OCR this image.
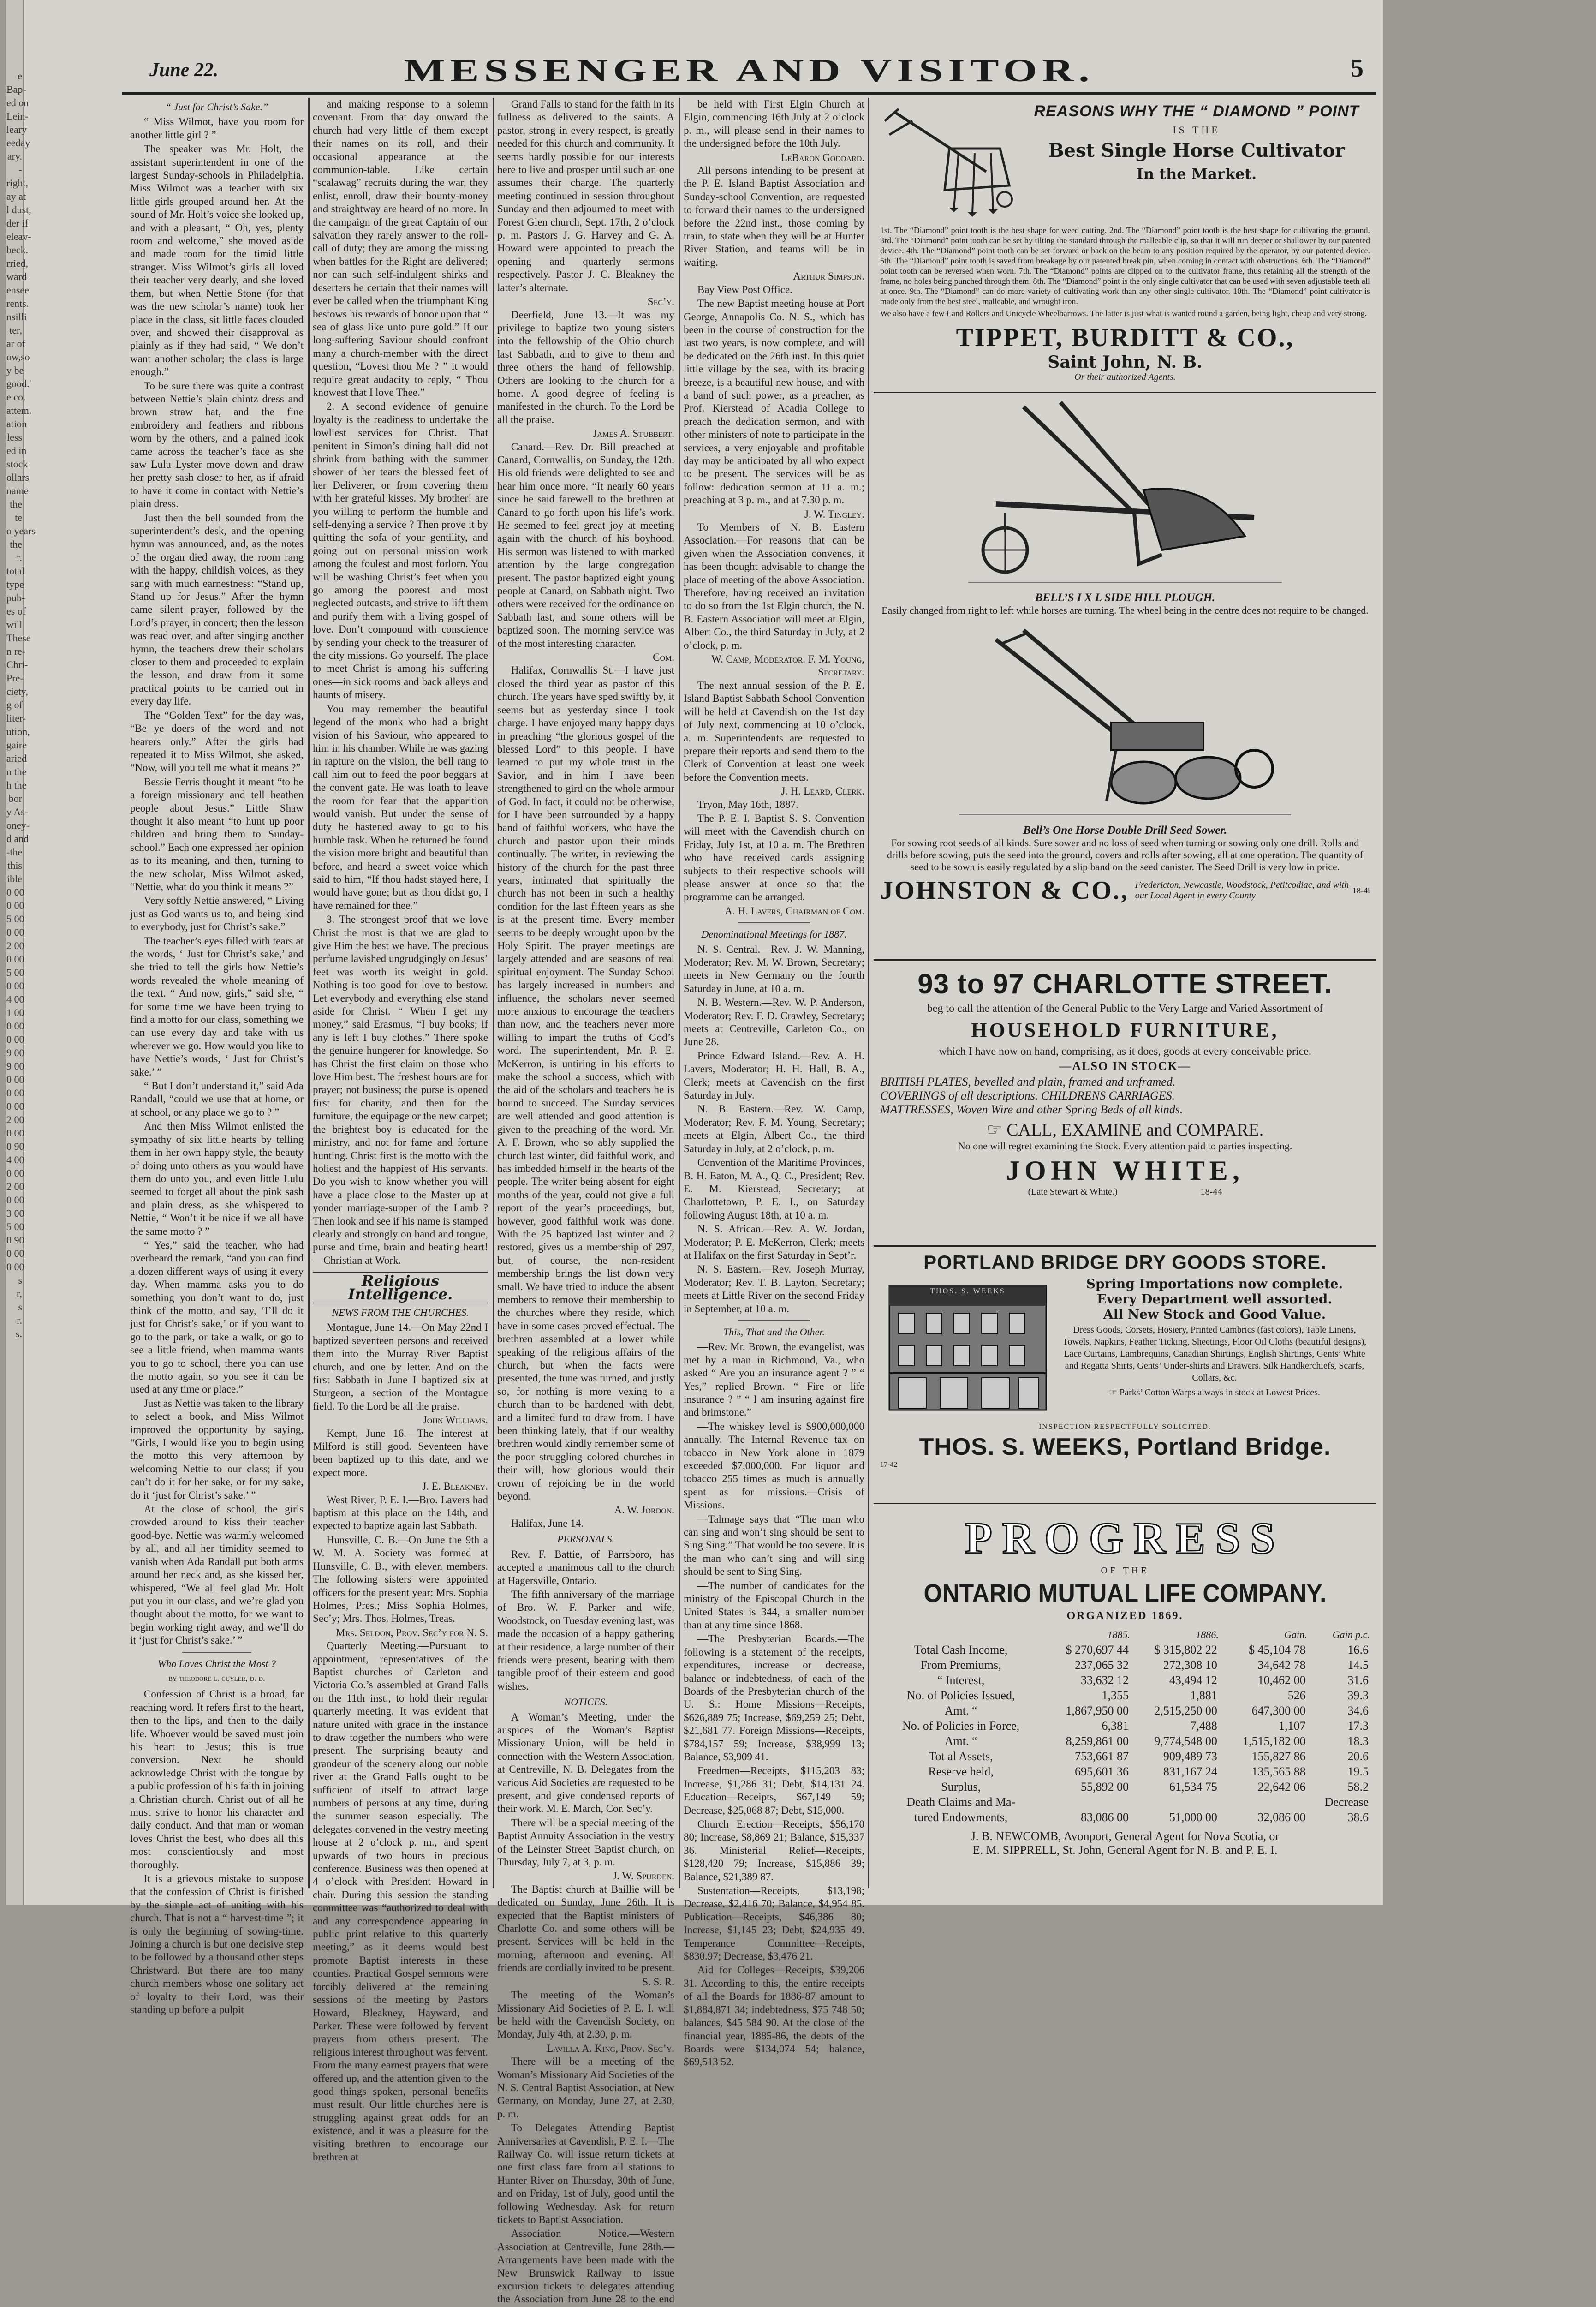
e
Bap-
ed on
Lein-
leary
eeday
ary.
-
right,
ay at
l dust,
der if
eleav-
beck.
rried,
ward
ensee
rents.
nsilli
ter,
ar of
ow,so
y be
good.'
e co.
attem.
ation
less
ed in
stock
ollars
name
the
te
o years
the
r.
total
type
pub-
es of
will
These
n re-
Chri-
Pre-
ciety,
g of
liter-
ution,
gaire
aried
n the
h the
bor
y As-
oney-
d and
-the
this
ible
0 00
0 00
5 00
0 00
2 00
0 00
5 00
0 00
4 00
1 00
0 00
0 00
9 00
9 00
0 00
0 00
0 00
2 00
0 00
0 90
4 00
0 00
2 00
0 00
3 00
5 00
0 90
0 00
0 00
s
r,
s
r.
s.
June 22.	MESSENGER AND VISITOR.	5
“ Just for Christ’s Sake.”

“ Miss Wilmot, have you room for another little girl ? ”

The speaker was Mr. Holt, the assistant superintendent in one of the largest Sunday-schools in Philadelphia. Miss Wilmot was a teacher with six little girls grouped around her. At the sound of Mr. Holt’s voice she looked up, and with a pleasant, “ Oh, yes, plenty room and welcome,” she moved aside and made room for the timid little stranger. Miss Wilmot’s girls all loved their teacher very dearly, and she loved them, but when Nettie Stone (for that was the new scholar’s name) took her place in the class, sit little faces clouded over, and showed their disapproval as plainly as if they had said, “ We don’t want another scholar; the class is large enough.”

To be sure there was quite a contrast between Nettie’s plain chintz dress and brown straw hat, and the fine embroidery and feathers and ribbons worn by the others, and a pained look came across the teacher’s face as she saw Lulu Lyster move down and draw her pretty sash closer to her, as if afraid to have it come in contact with Nettie’s plain dress.

Just then the bell sounded from the superintendent’s desk, and the opening hymn was announced, and, as the notes of the organ died away, the room rang with the happy, childish voices, as they sang with much earnestness: “Stand up, Stand up for Jesus.” After the hymn came silent prayer, followed by the Lord’s prayer, in concert; then the lesson was read over, and after singing another hymn, the teachers drew their scholars closer to them and proceeded to explain the lesson, and draw from it some practical points to be carried out in every day life.

The “Golden Text” for the day was, “Be ye doers of the word and not hearers only.” After the girls had repeated it to Miss Wilmot, she asked, “Now, will you tell me what it means ?”

Bessie Ferris thought it meant “to be a foreign missionary and tell heathen people about Jesus.” Little Shaw thought it also meant “to hunt up poor children and bring them to Sunday-school.” Each one expressed her opinion as to its meaning, and then, turning to the new scholar, Miss Wilmot asked, “Nettie, what do you think it means ?”

Very softly Nettie answered, “ Living just as God wants us to, and being kind to everybody, just for Christ’s sake.”

The teacher’s eyes filled with tears at the words, ‘ Just for Christ’s sake,’ and she tried to tell the girls how Nettie’s words revealed the whole meaning of the text. “ And now, girls,” said she, “ for some time we have been trying to find a motto for our class, something we can use every day and take with us wherever we go. How would you like to have Nettie’s words, ‘ Just for Christ’s sake.’ ”

“ But I don’t understand it,” said Ada Randall, “could we use that at home, or at school, or any place we go to ? ”

And then Miss Wilmot enlisted the sympathy of six little hearts by telling them in her own happy style, the beauty of doing unto others as you would have them do unto you, and even little Lulu seemed to forget all about the pink sash and plain dress, as she whispered to Nettie, “ Won’t it be nice if we all have the same motto ? ”

“ Yes,” said the teacher, who had overheard the remark, “and you can find a dozen different ways of using it every day. When mamma asks you to do something you don’t want to do, just think of the motto, and say, ‘I’ll do it just for Christ’s sake,’ or if you want to go to the park, or take a walk, or go to see a little friend, when mamma wants you to go to school, there you can use the motto again, so you see it can be used at any time or place.”

Just as Nettie was taken to the library to select a book, and Miss Wilmot improved the opportunity by saying, “Girls, I would like you to begin using the motto this very afternoon by welcoming Nettie to our class; if you can’t do it for her sake, or for my sake, do it ‘just for Christ’s sake.’ ”

At the close of school, the girls crowded around to kiss their teacher good-bye. Nettie was warmly welcomed by all, and all her timidity seemed to vanish when Ada Randall put both arms around her neck and, as she kissed her, whispered, “We all feel glad Mr. Holt put you in our class, and we’re glad you thought about the motto, for we want to begin working right away, and we’ll do it ‘just for Christ’s sake.’ ”

Who Loves Christ the Most ?
by theodore l. cuyler, d. d.

Confession of Christ is a broad, far reaching word. It refers first to the heart, then to the lips, and then to the daily life. Whoever would be saved must join his heart to Jesus; this is true conversion. Next he should acknowledge Christ with the tongue by a public profession of his faith in joining a Christian church. Christ out of all he must strive to honor his character and daily conduct. And that man or woman loves Christ the best, who does all this most conscientiously and most thoroughly.

It is a grievous mistake to suppose that the confession of Christ is finished by the simple act of uniting with his church. That is not a “ harvest-time ”; it is only the beginning of sowing-time. Joining a church is but one decisive step to be followed by a thousand other steps Christward. But there are too many church members whose one solitary act of loyalty to their Lord, was their standing up before a pulpit

and making response to a solemn covenant. From that day onward the church had very little of them except their names on its roll, and their occasional appearance at the communion-table. Like certain “scalawag” recruits during the war, they enlist, enroll, draw their bounty-money and straightway are heard of no more. In the campaign of the great Captain of our salvation they rarely answer to the roll-call of duty; they are among the missing when battles for the Right are delivered; nor can such self-indulgent shirks and deserters be certain that their names will ever be called when the triumphant King bestows his rewards of honor upon that “ sea of glass like unto pure gold.” If our long-suffering Saviour should confront many a church-member with the direct question, “Lovest thou Me ? ” it would require great audacity to reply, “ Thou knowest that I love Thee.”

2. A second evidence of genuine loyalty is the readiness to undertake the lowliest services for Christ. That penitent in Simon’s dining hall did not shrink from bathing with the summer shower of her tears the blessed feet of her Deliverer, or from covering them with her grateful kisses. My brother! are you willing to perform the humble and self-denying a service ? Then prove it by quitting the sofa of your gentility, and going out on personal mission work among the foulest and most forlorn. You will be washing Christ’s feet when you go among the poorest and most neglected outcasts, and strive to lift them and purify them with a living gospel of love. Don’t compound with conscience by sending your check to the treasurer of the city missions. Go yourself. The place to meet Christ is among his suffering ones—in sick rooms and back alleys and haunts of misery.

You may remember the beautiful legend of the monk who had a bright vision of his Saviour, who appeared to him in his chamber. While he was gazing in rapture on the vision, the bell rang to call him out to feed the poor beggars at the convent gate. He was loath to leave the room for fear that the apparition would vanish. But under the sense of duty he hastened away to go to his humble task. When he returned he found the vision more bright and beautiful than before, and heard a sweet voice which said to him, “If thou hadst stayed here, I would have gone; but as thou didst go, I have remained for thee.”

3. The strongest proof that we love Christ the most is that we are glad to give Him the best we have. The precious perfume lavished ungrudgingly on Jesus’ feet was worth its weight in gold. Nothing is too good for love to bestow. Let everybody and everything else stand aside for Christ. “ When I get my money,” said Erasmus, “I buy books; if any is left I buy clothes.” There spoke the genuine hungerer for knowledge. So has Christ the first claim on those who love Him best. The freshest hours are for prayer; not business; the purse is opened first for charity, and then for the furniture, the equipage or the new carpet; the brightest boy is educated for the ministry, and not for fame and fortune hunting. Christ first is the motto with the holiest and the happiest of His servants. Do you wish to know whether you will have a place close to the Master up at yonder marriage-supper of the Lamb ? Then look and see if his name is stamped clearly and strongly on hand and tongue, purse and time, brain and beating heart!—Christian at Work.

Religious Intelligence.
NEWS FROM THE CHURCHES.

Montague, June 14.—On May 22nd I baptized seventeen persons and received them into the Murray River Baptist church, and one by letter. And on the first Sabbath in June I baptized six at Sturgeon, a section of the Montague field. To the Lord be all the praise.

John Williams.

Kempt, June 16.—The interest at Milford is still good. Seventeen have been baptized up to this date, and we expect more.

J. E. Bleakney.

West River, P. E. I.—Bro. Lavers had baptism at this place on the 14th, and expected to baptize again last Sabbath.

Hunsville, C. B.—On June the 9th a W. M. A. Society was formed at Hunsville, C. B., with eleven members. The following sisters were appointed officers for the present year: Mrs. Sophia Holmes, Pres.; Miss Sophia Holmes, Sec’y; Mrs. Thos. Holmes, Treas.

Mrs. Seldon, Prov. Sec’y for N. S.

Quarterly Meeting.—Pursuant to appointment, representatives of the Baptist churches of Carleton and Victoria Co.’s assembled at Grand Falls on the 11th inst., to hold their regular quarterly meeting. It was evident that nature united with grace in the instance to draw together the numbers who were present. The surprising beauty and grandeur of the scenery along our noble river at the Grand Falls ought to be sufficient of itself to attract large numbers of persons at any time, during the summer season especially. The delegates convened in the vestry meeting house at 2 o’clock p. m., and spent upwards of two hours in precious conference. Business was then opened at 4 o’clock with President Howard in chair. During this session the standing committee was “authorized to deal with and any correspondence appearing in public print relative to this quarterly meeting,” as it deems would best promote Baptist interests in these counties. Practical Gospel sermons were forcibly delivered at the remaining sessions of the meeting by Pastors Howard, Bleakney, Hayward, and Parker. These were followed by fervent prayers from others present. The religious interest throughout was fervent. From the many earnest prayers that were offered up, and the attention given to the good things spoken, personal benefits must result. Our little churches here is struggling against great odds for an existence, and it was a pleasure for the visiting brethren to encourage our brethren at

Grand Falls to stand for the faith in its fullness as delivered to the saints. A pastor, strong in every respect, is greatly needed for this church and community. It seems hardly possible for our interests here to live and prosper until such an one assumes their charge. The quarterly meeting continued in session throughout Sunday and then adjourned to meet with Forest Glen church, Sept. 17th, 2 o’clock p. m. Pastors J. G. Harvey and G. A. Howard were appointed to preach the opening and quarterly sermons respectively. Pastor J. C. Bleakney the latter’s alternate.

Sec’y.

Deerfield, June 13.—It was my privilege to baptize two young sisters into the fellowship of the Ohio church last Sabbath, and to give to them and three others the hand of fellowship. Others are looking to the church for a home. A good degree of feeling is manifested in the church. To the Lord be all the praise.

James A. Stubbert.

Canard.—Rev. Dr. Bill preached at Canard, Cornwallis, on Sunday, the 12th. His old friends were delighted to see and hear him once more. “It nearly 60 years since he said farewell to the brethren at Canard to go forth upon his life’s work. He seemed to feel great joy at meeting again with the church of his boyhood. His sermon was listened to with marked attention by the large congregation present. The pastor baptized eight young people at Canard, on Sabbath night. Two others were received for the ordinance on Sabbath last, and some others will be baptized soon. The morning service was of the most interesting character.

Com.

Halifax, Cornwallis St.—I have just closed the third year as pastor of this church. The years have sped swiftly by, it seems but as yesterday since I took charge. I have enjoyed many happy days in preaching “the glorious gospel of the blessed Lord” to this people. I have learned to put my whole trust in the Savior, and in him I have been strengthened to gird on the whole armour of God. In fact, it could not be otherwise, for I have been surrounded by a happy band of faithful workers, who have the church and pastor upon their minds continually. The writer, in reviewing the history of the church for the past three years, intimated that spiritually the church has not been in such a healthy condition for the last fifteen years as she is at the present time. Every member seems to be deeply wrought upon by the Holy Spirit. The prayer meetings are largely attended and are seasons of real spiritual enjoyment. The Sunday School has largely increased in numbers and influence, the scholars never seemed more anxious to encourage the teachers than now, and the teachers never more willing to impart the truths of God’s word. The superintendent, Mr. P. E. McKerron, is untiring in his efforts to make the school a success, which with the aid of the scholars and teachers he is bound to succeed. The Sunday services are well attended and good attention is given to the preaching of the word. Mr. A. F. Brown, who so ably supplied the church last winter, did faithful work, and has imbedded himself in the hearts of the people. The writer being absent for eight months of the year, could not give a full report of the year’s proceedings, but, however, good faithful work was done. With the 25 baptized last winter and 2 restored, gives us a membership of 297, but, of course, the non-resident membership brings the list down very small. We have tried to induce the absent members to remove their membership to the churches where they reside, which have in some cases proved effectual. The brethren assembled at a lower while speaking of the religious affairs of the church, but when the facts were presented, the tune was turned, and justly so, for nothing is more vexing to a church than to be hardened with debt, and a limited fund to draw from. I have been thinking lately, that if our wealthy brethren would kindly remember some of the poor struggling colored churches in their will, how glorious would their crown of rejoicing be in the world beyond.

A. W. Jordon.

Halifax, June 14.

PERSONALS.

Rev. F. Battie, of Parrsboro, has accepted a unanimous call to the church at Hagersville, Ontario.

The fifth anniversary of the marriage of Bro. W. F. Parker and wife, Woodstock, on Tuesday evening last, was made the occasion of a happy gathering at their residence, a large number of their friends were present, bearing with them tangible proof of their esteem and good wishes.

NOTICES.

A Woman’s Meeting, under the auspices of the Woman’s Baptist Missionary Union, will be held in connection with the Western Association, at Centreville, N. B. Delegates from the various Aid Societies are requested to be present, and give condensed reports of their work. M. E. March, Cor. Sec’y.

There will be a special meeting of the Baptist Annuity Association in the vestry of the Leinster Street Baptist church, on Thursday, July 7, at 3, p. m.

J. W. Spurden.

The Baptist church at Baillie will be dedicated on Sunday, June 26th. It is expected that the Baptist ministers of Charlotte Co. and some others will be present. Services will be held in the morning, afternoon and evening. All friends are cordially invited to be present.

S. S. R.

The meeting of the Woman’s Missionary Aid Societies of P. E. I. will be held with the Cavendish Society, on Monday, July 4th, at 2.30, p. m.

Lavilla A. King, Prov. Sec’y.

There will be a meeting of the Woman’s Missionary Aid Societies of the N. S. Central Baptist Association, at New Germany, on Monday, June 27, at 2.30, p. m.

To Delegates Attending Baptist Anniversaries at Cavendish, P. E. I.—The Railway Co. will issue return tickets at one first class fare from all stations to Hunter River on Thursday, 30th of June, and on Friday, 1st of July, good until the following Wednesday. Ask for return tickets to Baptist Association.

Association Notice.—Western Association at Centreville, June 28th.—Arrangements have been made with the New Brunswick Railway to issue excursion tickets to delegates attending the Association from June 28 to the end

be held with First Elgin Church at Elgin, commencing 16th July at 2 o’clock p. m., will please send in their names to the undersigned before the 10th July.

LeBaron Goddard.

All persons intending to be present at the P. E. Island Baptist Association and Sunday-school Convention, are requested to forward their names to the undersigned before the 22nd inst., those coming by train, to state when they will be at Hunter River Station, and teams will be in waiting.

Arthur Simpson.

Bay View Post Office.

The new Baptist meeting house at Port George, Annapolis Co. N. S., which has been in the course of construction for the last two years, is now complete, and will be dedicated on the 26th inst. In this quiet little village by the sea, with its bracing breeze, is a beautiful new house, and with a band of such power, as a preacher, as Prof. Kierstead of Acadia College to preach the dedication sermon, and with other ministers of note to participate in the services, a very enjoyable and profitable day may be anticipated by all who expect to be present. The services will be as follow: dedication sermon at 11 a. m.; preaching at 3 p. m., and at 7.30 p. m.

J. W. Tingley.

To Members of N. B. Eastern Association.—For reasons that can be given when the Association convenes, it has been thought advisable to change the place of meeting of the above Association. Therefore, having received an invitation to do so from the 1st Elgin church, the N. B. Eastern Association will meet at Elgin, Albert Co., the third Saturday in July, at 2 o’clock, p. m.

W. Camp, Moderator. F. M. Young, Secretary.

The next annual session of the P. E. Island Baptist Sabbath School Convention will be held at Cavendish on the 1st day of July next, commencing at 10 o’clock, a. m. Superintendents are requested to prepare their reports and send them to the Clerk of Convention at least one week before the Convention meets.

J. H. Leard, Clerk.

Tryon, May 16th, 1887.

The P. E. I. Baptist S. S. Convention will meet with the Cavendish church on Friday, July 1st, at 10 a. m. The Brethren who have received cards assigning subjects to their respective schools will please answer at once so that the programme can be arranged.

A. H. Lavers, Chairman of Com.
Denominational Meetings for 1887.

N. S. Central.—Rev. J. W. Manning, Moderator; Rev. M. W. Brown, Secretary; meets in New Germany on the fourth Saturday in June, at 10 a. m.

N. B. Western.—Rev. W. P. Anderson, Moderator; Rev. F. D. Crawley, Secretary; meets at Centreville, Carleton Co., on June 28.

Prince Edward Island.—Rev. A. H. Lavers, Moderator; H. H. Hall, B. A., Clerk; meets at Cavendish on the first Saturday in July.

N. B. Eastern.—Rev. W. Camp, Moderator; Rev. F. M. Young, Secretary; meets at Elgin, Albert Co., the third Saturday in July, at 2 o’clock, p. m.

Convention of the Maritime Provinces, B. H. Eaton, M. A., Q. C., President; Rev. E. M. Kierstead, Secretary; at Charlottetown, P. E. I., on Saturday following August 18th, at 10 a. m.

N. S. African.—Rev. A. W. Jordan, Moderator; P. E. McKerron, Clerk; meets at Halifax on the first Saturday in Sept’r.

N. S. Eastern.—Rev. Joseph Murray, Moderator; Rev. T. B. Layton, Secretary; meets at Little River on the second Friday in September, at 10 a. m.

This, That and the Other.

—Rev. Mr. Brown, the evangelist, was met by a man in Richmond, Va., who asked “ Are you an insurance agent ? ” “ Yes,” replied Brown. “ Fire or life insurance ? ” “ I am insuring against fire and brimstone.”

—The whiskey level is $900,000,000 annually. The Internal Revenue tax on tobacco in New York alone in 1879 exceeded $7,000,000. For liquor and tobacco 255 times as much is annually spent as for missions.—Crisis of Missions.

—Talmage says that “The man who can sing and won’t sing should be sent to Sing Sing.” That would be too severe. It is the man who can’t sing and will sing should be sent to Sing Sing.

—The number of candidates for the ministry of the Episcopal Church in the United States is 344, a smaller number than at any time since 1868.

—The Presbyterian Boards.—The following is a statement of the receipts, expenditures, increase or decrease, balance or indebtedness, of each of the Boards of the Presbyterian church of the U. S.: Home Missions—Receipts, $626,889 75; Increase, $69,259 25; Debt, $21,681 77. Foreign Missions—Receipts, $784,157 59; Increase, $38,999 13; Balance, $3,909 41.

Freedmen—Receipts, $115,203 83; Increase, $1,286 31; Debt, $14,131 24. Education—Receipts, $67,149 59; Decrease, $25,068 87; Debt, $15,000.

Church Erection—Receipts, $56,170 80; Increase, $8,869 21; Balance, $15,337 36. Ministerial Relief—Receipts, $128,420 79; Increase, $15,886 39; Balance, $21,389 87.

Sustentation—Receipts, $13,198; Decrease, $2,416 70; Balance, $4,954 85. Publication—Receipts, $46,386 80; Increase, $1,145 23; Debt, $24,935 49. Temperance Committee—Receipts, $830.97; Decrease, $3,476 21.

Aid for Colleges—Receipts, $39,206 31. According to this, the entire receipts of all the Boards for 1886-87 amount to $1,884,871 34; indebtedness, $75 748 50; balances, $45 584 90. At the close of the financial year, 1885-86, the debts of the Boards were $134,074 54; balance, $69,513 52.

REASONS WHY THE “ DIAMOND ” POINT
IS THE
Best Single Horse Cultivator
In the Market.
1st. The “Diamond” point tooth is the best shape for weed cutting. 2nd. The “Diamond” point tooth is the best shape for cultivating the ground. 3rd. The “Diamond” point tooth can be set by tilting the standard through the malleable clip, so that it will run deeper or shallower by our patented device. 4th. The “Diamond” point tooth can be set forward or back on the beam to any position required by the operator, by our patented device. 5th. The “Diamond” point tooth is saved from breakage by our patented break pin, when coming in contact with obstructions. 6th. The “Diamond” point tooth can be reversed when worn. 7th. The “Diamond” points are clipped on to the cultivator frame, thus retaining all the strength of the frame, no holes being punched through them. 8th. The “Diamond” point is the only single cultivator that can be used with seven adjustable teeth all at once. 9th. The “Diamond” can do more variety of cultivating work than any other single cultivator. 10th. The “Diamond” point cultivator is made only from the best steel, malleable, and wrought iron.
We also have a few Land Rollers and Unicycle Wheelbarrows. The latter is just what is wanted round a garden, being light, cheap and very strong.
TIPPET, BURDITT & CO.,
Saint John, N. B.
Or their authorized Agents.
BELL’S I X L SIDE HILL PLOUGH.
Easily changed from right to left while horses are turning. The wheel being in the centre does not require to be changed.
Bell’s One Horse Double Drill Seed Sower.
For sowing root seeds of all kinds. Sure sower and no loss of seed when turning or sowing only one drill. Rolls and drills before sowing, puts the seed into the ground, covers and rolls after sowing, all at one operation. The quantity of seed to be sown is easily regulated by a slip band on the seed canister. The Seed Drill is very low in price.
JOHNSTON & CO., Fredericton, Newcastle, Woodstock, Petitcodiac, and with our Local Agent in every County
18-4i
93 to 97 CHARLOTTE STREET.
beg to call the attention of the General Public to the Very Large and Varied Assortment of
HOUSEHOLD FURNITURE,
which I have now on hand, comprising, as it does, goods at every conceivable price.
—ALSO IN STOCK—
BRITISH PLATES, bevelled and plain, framed and unframed.
COVERINGS of all descriptions. CHILDRENS CARRIAGES.
MATTRESSES, Woven Wire and other Spring Beds of all kinds.
☞ CALL, EXAMINE and COMPARE.
No one will regret examining the Stock. Every attention paid to parties inspecting.
JOHN WHITE,
(Late Stewart & White.)	18-44
PORTLAND BRIDGE DRY GOODS STORE.
THOS. S. WEEKS	Spring Importations now complete.
Every Department well assorted.
All New Stock and Good Value.
Dress Goods, Corsets, Hosiery, Printed Cambrics (fast colors), Table Linens, Towels, Napkins, Feather Ticking, Sheetings, Floor Oil Cloths (beautiful designs), Lace Curtains, Lambrequins, Canadian Shirtings, English Shirtings, Gents’ White and Regatta Shirts, Gents’ Under-shirts and Drawers. Silk Handkerchiefs, Scarfs, Collars, &c.
☞ Parks’ Cotton Warps always in stock at Lowest Prices.
INSPECTION RESPECTFULLY SOLICITED.
THOS. S. WEEKS, Portland Bridge.
17-42
PROGRESS
OF THE
ONTARIO MUTUAL LIFE COMPANY.
ORGANIZED 1869.
	1885.	1886.	Gain.	Gain p.c.
Total Cash Income,	$ 270,697 44	$ 315,802 22	$ 45,104 78	16.6
From Premiums,	237,065 32	272,308 10	34,642 78	14.5
“ Interest,	33,632 12	43,494 12	10,462 00	31.6
No. of Policies Issued,	1,355	1,881	526	39.3
Amt. “	1,867,950 00	2,515,250 00	647,300 00	34.6
No. of Policies in Force,	6,381	7,488	1,107	17.3
Amt. “	8,259,861 00	9,774,548 00	1,515,182 00	18.3
Tot al Assets,	753,661 87	909,489 73	155,827 86	20.6
Reserve held,	695,601 36	831,167 24	135,565 88	19.5
Surplus,	55,892 00	61,534 75	22,642 06	58.2
Death Claims and Ma-				Decrease
tured Endowments,	83,086 00	51,000 00	32,086 00	38.6
J. B. NEWCOMB, Avonport, General Agent for Nova Scotia, or
E. M. SIPPRELL, St. John, General Agent for N. B. and P. E. I.
